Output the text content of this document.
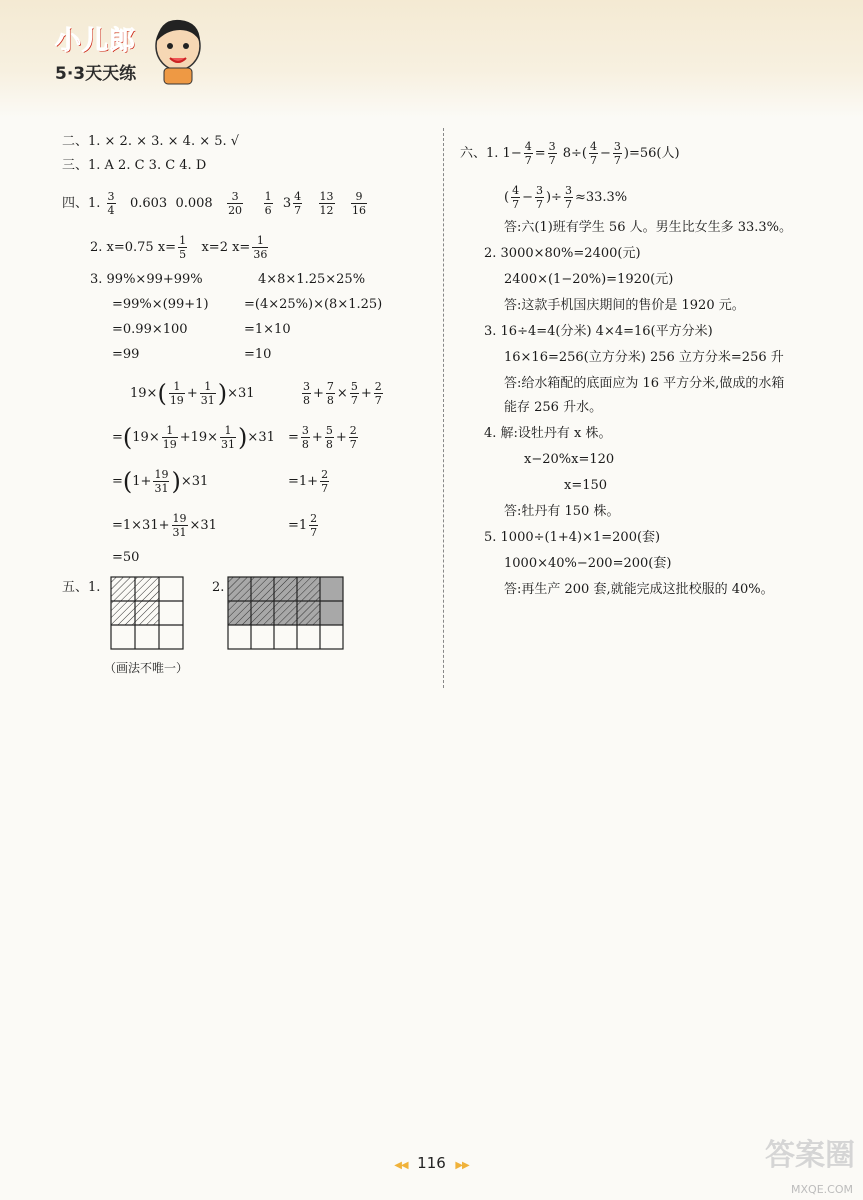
小儿郎
5·3天天练
二、1. × 2. × 3. × 4. × 5. √
三、1. A 2. C 3. C 4. D
四、1. $\frac{3}{4} 0.603$ $0.008 \frac{3}{20}$
$\frac{1}{6} 3 \frac{4}{7}$
$\frac{13}{12}$
$\frac{9}{16}$
2. x=0.75 $x= \frac{1}{5} x=2$ $x= \frac{1}{36}$
3. 99%×99+99%
=99%×(99+1)
=0.99×100
=99
4×8×1.25×25%
=(4×25%)×(8×1.25)
=1×10
=10
$19\times( \frac{1}{19} + \frac{1}{31} )\times 31$
$=(19\times \frac{1}{19} +19\times \frac{1}{31} )\times 31$
$=(1+ \frac{19}{31} )\times 31$
$=1\times 31+ \frac{19}{31} \times 31$
=50
$\frac{3}{8} + \frac{7}{8} \times \frac{5}{7} + \frac{2}{7}$
= $\frac{3}{8} + \frac{5}{8} + \frac{2}{7}$
$=1+ \frac{2}{7}$
$=1 \frac{2}{7}$
五、1.	2.
（画法不唯一）
六、1. $1- \frac{4}{7} = \frac{3}{7} 8\div( \frac{4}{7} - \frac{3}{7} )=56$(人)
( $\frac{4}{7} - \frac{3}{7}$ )÷ $\frac{3}{7} \approx 33.3\%$
答:六(1)班有学生 56 人。男生比女生多 33.3%。
2. 3000×80%=2400(元)
2400×(1−20%)=1920(元)
答:这款手机国庆期间的售价是 1920 元。
3. 16÷4=4(分米) 4×4=16(平方分米)
16×16=256(立方分米) 256 立方分米=256 升
答:给水箱配的底面应为 16 平方分米,做成的水箱
能存 256 升水。
4. 解:设牡丹有 x 株。
x−20%x=120
x=150
答:牡丹有 150 株。
5. 1000÷(1+4)×1=200(套)
1000×40%−200=200(套)
答:再生产 200 套,就能完成这批校服的 40%。
◀◀ 116 ▶▶	答案圈
MXQE.COM
